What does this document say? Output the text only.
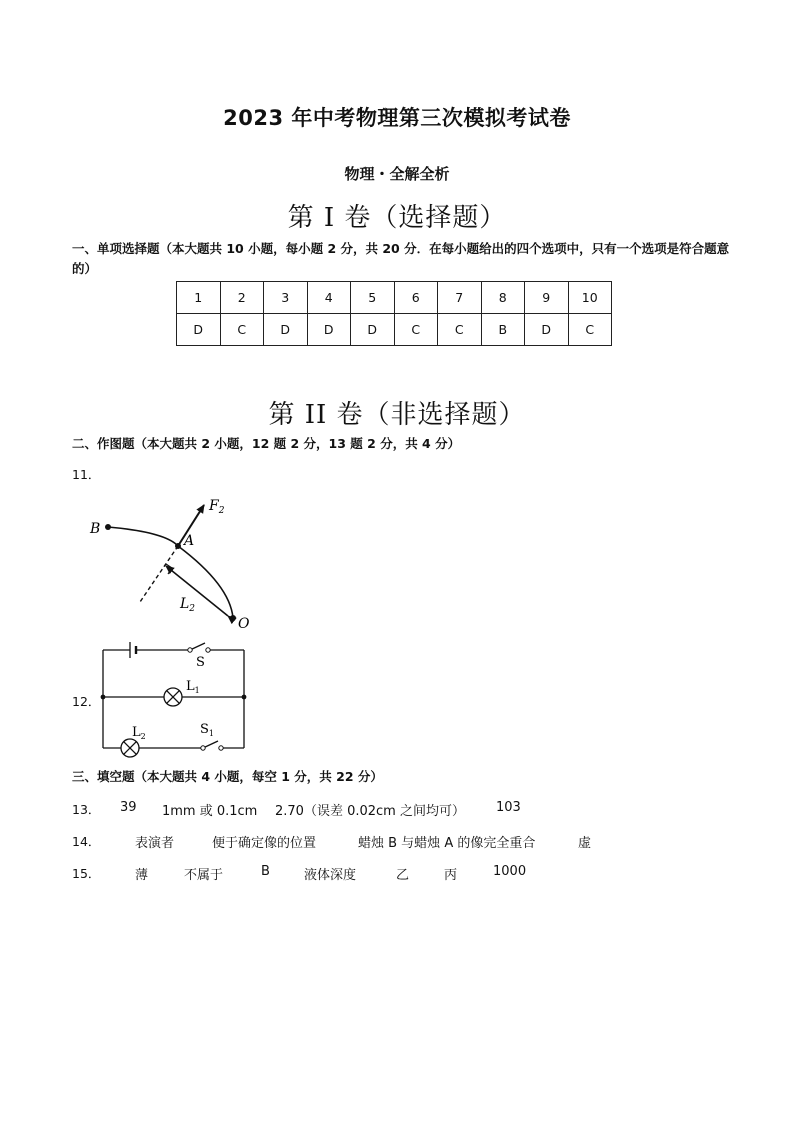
2023 年中考物理第三次模拟考试卷
物理・全解全析
第 I 卷（选择题）
一、单项选择题（本大题共 10 小题，每小题 2 分，共 20 分．在每小题给出的四个选项中，只有一个选项是符合题意的）
1	2	3	4	5	6	7	8	9	10
D	C	D	D	D	C	C	B	D	C
第 II 卷（非选择题）
二、作图题（本大题共 2 小题，12 题 2 分，13 题 2 分，共 4 分）
11．
B
A
O
$F_2$
$L_2$
12．
S
$L_1$
$L_2$	$S_1$
三、填空题（本大题共 4 小题，每空 1 分，共 22 分）
13． 39 1mm 或 0.1cm 2.70（误差 0.02cm 之间均可） 103
14．	表演者	便于确定像的位置	蜡烛 B 与蜡烛 A 的像完全重合	虚
15．	薄	不属于	B	液体深度	乙	丙	1000
